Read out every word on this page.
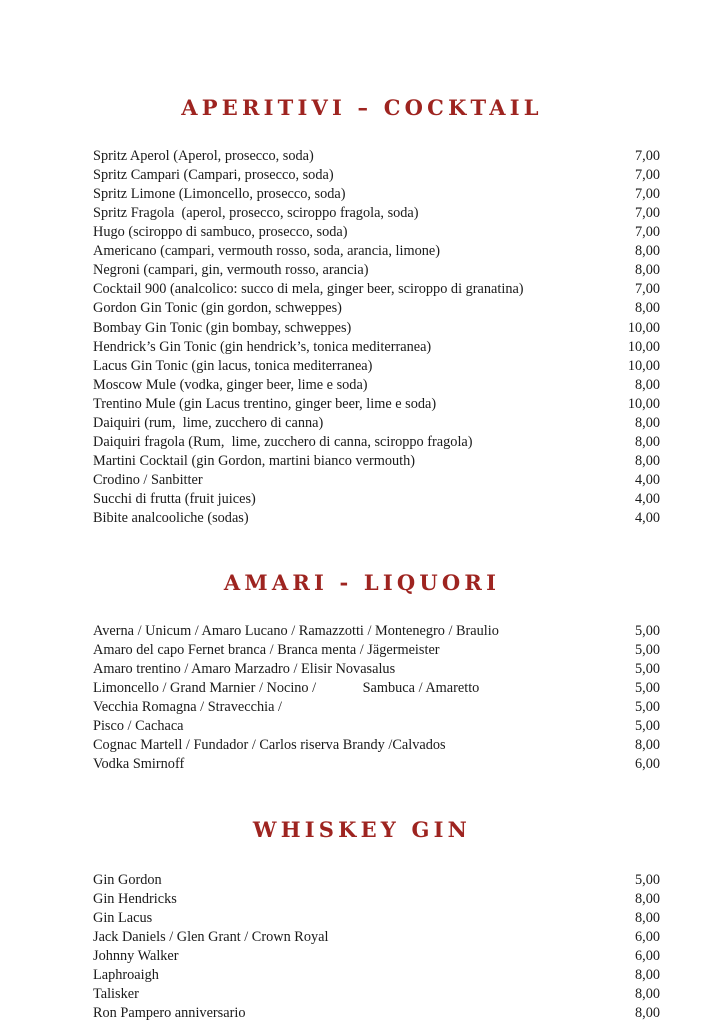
APERITIVI – COCKTAIL
Spritz Aperol (Aperol, prosecco, soda)	7,00
Spritz Campari (Campari, prosecco, soda)	7,00
Spritz Limone (Limoncello, prosecco, soda)	7,00
Spritz Fragola  (aperol, prosecco, sciroppo fragola, soda)	7,00
Hugo (sciroppo di sambuco, prosecco, soda)	7,00
Americano (campari, vermouth rosso, soda, arancia, limone)	8,00
Negroni (campari, gin, vermouth rosso, arancia)	8,00
Cocktail 900 (analcolico: succo di mela, ginger beer, sciroppo di granatina)	7,00
Gordon Gin Tonic (gin gordon, schweppes)	8,00
Bombay Gin Tonic (gin bombay, schweppes)	10,00
Hendrick’s Gin Tonic (gin hendrick’s, tonica mediterranea)	10,00
Lacus Gin Tonic (gin lacus, tonica mediterranea)	10,00
Moscow Mule (vodka, ginger beer, lime e soda)	8,00
Trentino Mule (gin Lacus trentino, ginger beer, lime e soda)	10,00
Daiquiri (rum,  lime, zucchero di canna)	8,00
Daiquiri fragola (Rum,  lime, zucchero di canna, sciroppo fragola)	8,00
Martini Cocktail (gin Gordon, martini bianco vermouth)	8,00
Crodino / Sanbitter	4,00
Succhi di frutta (fruit juices)	4,00
Bibite analcooliche (sodas)	4,00
AMARI - LIQUORI
Averna / Unicum / Amaro Lucano / Ramazzotti / Montenegro / Braulio	5,00
Amaro del capo Fernet branca / Branca menta / Jägermeister	5,00
Amaro trentino / Amaro Marzadro / Elisir Novasalus	5,00
Limoncello / Grand Marnier / Nocino /             Sambuca / Amaretto	5,00
Vecchia Romagna / Stravecchia /	5,00
Pisco / Cachaca	5,00
Cognac Martell / Fundador / Carlos riserva Brandy /Calvados	8,00
Vodka Smirnoff	6,00
WHISKEY GIN
Gin Gordon	5,00
Gin Hendricks	8,00
Gin Lacus	8,00
Jack Daniels / Glen Grant / Crown Royal	6,00
Johnny Walker	6,00
Laphroaigh	8,00
Talisker	8,00
Ron Pampero anniversario	8,00
